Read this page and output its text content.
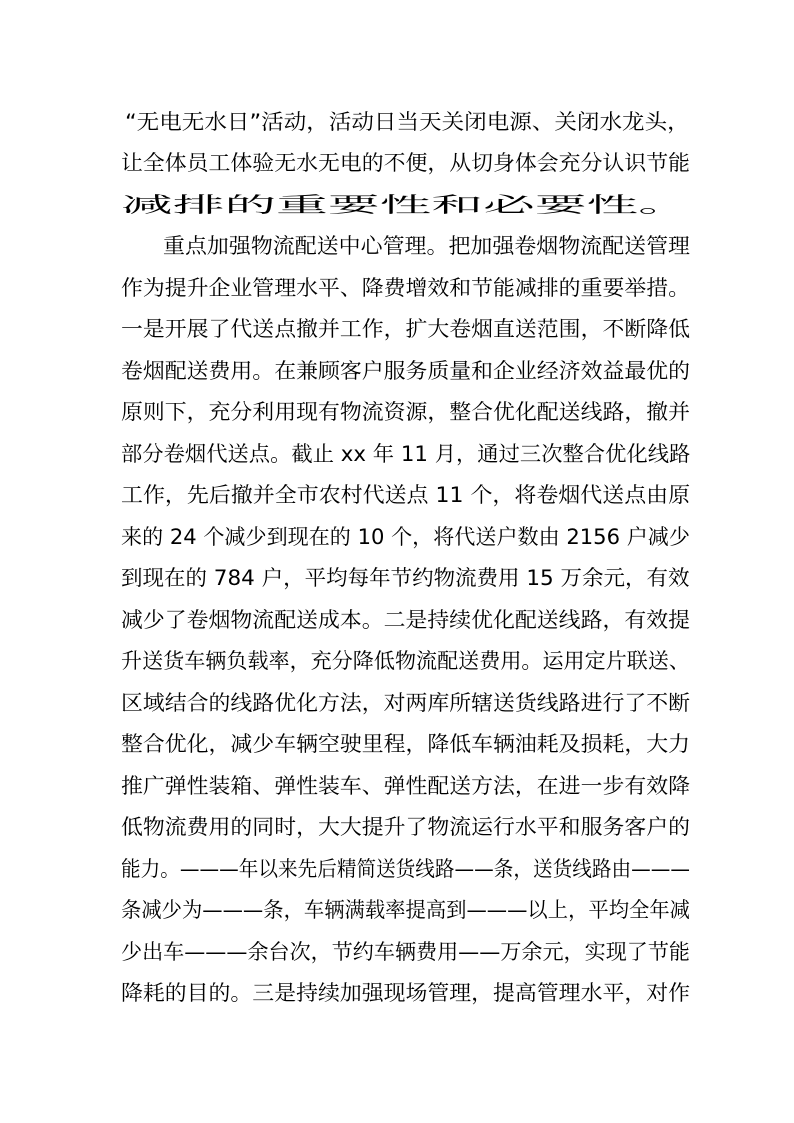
“无电无水日”活动，活动日当天关闭电源、关闭水龙头，
让全体员工体验无水无电的不便，从切身体会充分认识节能
减排的重要性和必要性。
重点加强物流配送中心管理。把加强卷烟物流配送管理
作为提升企业管理水平、降费增效和节能减排的重要举措。
一是开展了代送点撤并工作，扩大卷烟直送范围，不断降低
卷烟配送费用。在兼顾客户服务质量和企业经济效益最优的
原则下，充分利用现有物流资源，整合优化配送线路，撤并
部分卷烟代送点。截止 xx 年 11 月，通过三次整合优化线路
工作，先后撤并全市农村代送点 11 个，将卷烟代送点由原
来的 24 个减少到现在的 10 个，将代送户数由 2156 户减少
到现在的 784 户，平均每年节约物流费用 15 万余元，有效
减少了卷烟物流配送成本。二是持续优化配送线路，有效提
升送货车辆负载率，充分降低物流配送费用。运用定片联送、
区域结合的线路优化方法，对两库所辖送货线路进行了不断
整合优化，减少车辆空驶里程，降低车辆油耗及损耗，大力
推广弹性装箱、弹性装车、弹性配送方法，在进一步有效降
低物流费用的同时，大大提升了物流运行水平和服务客户的
能力。———年以来先后精简送货线路——条，送货线路由———
条减少为———条，车辆满载率提高到———以上，平均全年减
少出车———余台次，节约车辆费用——万余元，实现了节能
降耗的目的。三是持续加强现场管理，提高管理水平，对作
